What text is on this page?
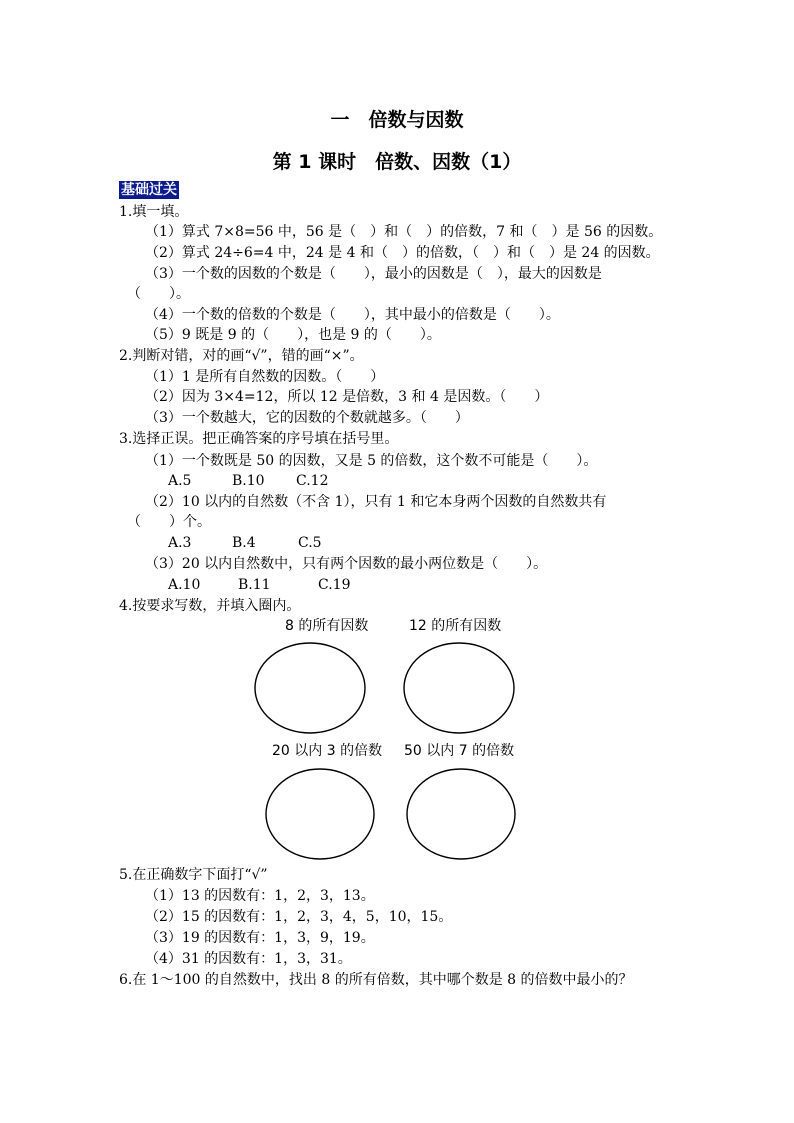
一　倍数与因数
第 1 课时　倍数、因数（1）
基础过关
1.填一填。
（1）算式 7×8=56 中，56 是（　）和（　）的倍数，7 和（　）是 56 的因数。
（2）算式 24÷6=4 中，24 是 4 和（　）的倍数，（　）和（　）是 24 的因数。
（3）一个数的因数的个数是（　　），最小的因数是（　），最大的因数是
（　　）。
（4）一个数的倍数的个数是（　　），其中最小的倍数是（　　）。
（5）9 既是 9 的（　　），也是 9 的（　　）。
2.判断对错，对的画“√”，错的画“×”。
（1）1 是所有自然数的因数。（　　）
（2）因为 3×4=12，所以 12 是倍数，3 和 4 是因数。（　　）
（3）一个数越大，它的因数的个数就越多。（　　）
3.选择正误。把正确答案的序号填在括号里。
（1）一个数既是 50 的因数，又是 5 的倍数，这个数不可能是（　　）。
A.5	B.10 C.12
（2）10 以内的自然数（不含 1），只有 1 和它本身两个因数的自然数共有
（　　）个。
A.3	B.4	C.5
（3）20 以内自然数中，只有两个因数的最小两位数是（　　）。
A.10	B.11	C.19
4.按要求写数，并填入圈内。
8 的所有因数	12 的所有因数
20 以内 3 的倍数 50 以内 7 的倍数
5.在正确数字下面打“√”
（1）13 的因数有：1，2，3，13。
（2）15 的因数有：1，2，3，4，5，10，15。
（3）19 的因数有：1，3，9，19。
（4）31 的因数有：1，3，31。
6.在 1～100 的自然数中，找出 8 的所有倍数，其中哪个数是 8 的倍数中最小的？
